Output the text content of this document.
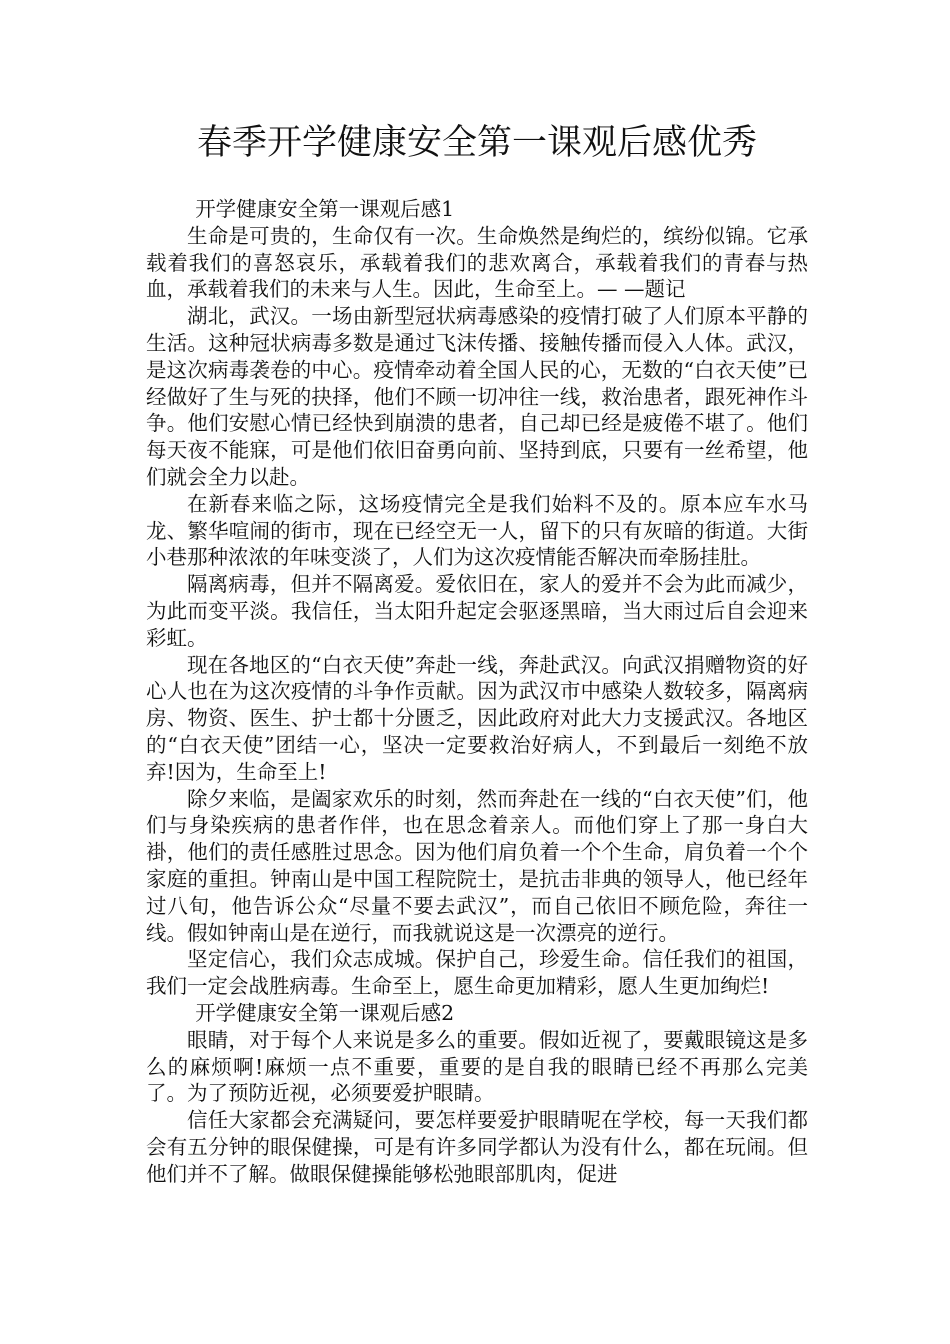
春季开学健康安全第一课观后感优秀
开学健康安全第一课观后感1

生命是可贵的，生命仅有一次。生命焕然是绚烂的，缤纷似锦。它承载着我们的喜怒哀乐，承载着我们的悲欢离合，承载着我们的青春与热血，承载着我们的未来与人生。因此，生命至上。— —题记

湖北，武汉。一场由新型冠状病毒感染的疫情打破了人们原本平静的生活。这种冠状病毒多数是通过飞沫传播、接触传播而侵入人体。武汉，是这次病毒袭卷的中心。疫情牵动着全国人民的心，无数的“白衣天使”已经做好了生与死的抉择，他们不顾一切冲往一线，救治患者，跟死神作斗争。他们安慰心情已经快到崩溃的患者，自己却已经是疲倦不堪了。他们每天夜不能寐，可是他们依旧奋勇向前、坚持到底，只要有一丝希望，他们就会全力以赴。

在新春来临之际，这场疫情完全是我们始料不及的。原本应车水马龙、繁华喧闹的街市，现在已经空无一人，留下的只有灰暗的街道。大街小巷那种浓浓的年味变淡了，人们为这次疫情能否解决而牵肠挂肚。

隔离病毒，但并不隔离爱。爱依旧在，家人的爱并不会为此而减少，为此而变平淡。我信任，当太阳升起定会驱逐黑暗，当大雨过后自会迎来彩虹。

现在各地区的“白衣天使”奔赴一线，奔赴武汉。向武汉捐赠物资的好心人也在为这次疫情的斗争作贡献。因为武汉市中感染人数较多，隔离病房、物资、医生、护士都十分匮乏，因此政府对此大力支援武汉。各地区的“白衣天使”团结一心，坚决一定要救治好病人，不到最后一刻绝不放弃!因为，生命至上!

除夕来临，是阖家欢乐的时刻，然而奔赴在一线的“白衣天使”们，他们与身染疾病的患者作伴，也在思念着亲人。而他们穿上了那一身白大褂，他们的责任感胜过思念。因为他们肩负着一个个生命，肩负着一个个家庭的重担。钟南山是中国工程院院士，是抗击非典的领导人，他已经年过八旬，他告诉公众“尽量不要去武汉”，而自己依旧不顾危险，奔往一线。假如钟南山是在逆行，而我就说这是一次漂亮的逆行。

坚定信心，我们众志成城。保护自己，珍爱生命。信任我们的祖国，我们一定会战胜病毒。生命至上，愿生命更加精彩，愿人生更加绚烂!

开学健康安全第一课观后感2

眼睛，对于每个人来说是多么的重要。假如近视了，要戴眼镜这是多么的麻烦啊!麻烦一点不重要，重要的是自我的眼睛已经不再那么完美了。为了预防近视，必须要爱护眼睛。

信任大家都会充满疑问，要怎样要爱护眼睛呢在学校，每一天我们都会有五分钟的眼保健操，可是有许多同学都认为没有什么，都在玩闹。但他们并不了解。做眼保健操能够松弛眼部肌肉，促进
